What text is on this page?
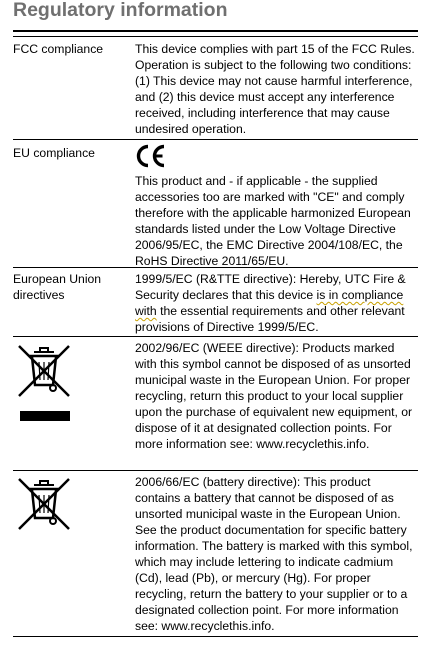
Regulatory information
FCC compliance	This device complies with part 15 of the FCC Rules. Operation is subject to the following two conditions: (1) This device may not cause harmful interference, and (2) this device must accept any interference received, including interference that may cause undesired operation.
EU compliance
This product and - if applicable - the supplied accessories too are marked with "CE" and comply therefore with the applicable harmonized European standards listed under the Low Voltage Directive 2006/95/EC, the EMC Directive 2004/108/EC, the RoHS Directive 2011/65/EU.
European Union directives
1999/5/EC (R&TTE directive): Hereby, UTC Fire & Security declares that this device is in compliance with the essential requirements and other relevant provisions of Directive 1999/5/EC.
2002/96/EC (WEEE directive): Products marked with this symbol cannot be disposed of as unsorted municipal waste in the European Union. For proper recycling, return this product to your local supplier upon the purchase of equivalent new equipment, or dispose of it at designated collection points. For more information see: www.recyclethis.info.
2006/66/EC (battery directive): This product contains a battery that cannot be disposed of as unsorted municipal waste in the European Union. See the product documentation for specific battery information. The battery is marked with this symbol, which may include lettering to indicate cadmium (Cd), lead (Pb), or mercury (Hg). For proper recycling, return the battery to your supplier or to a designated collection point. For more information see: www.recyclethis.info.
